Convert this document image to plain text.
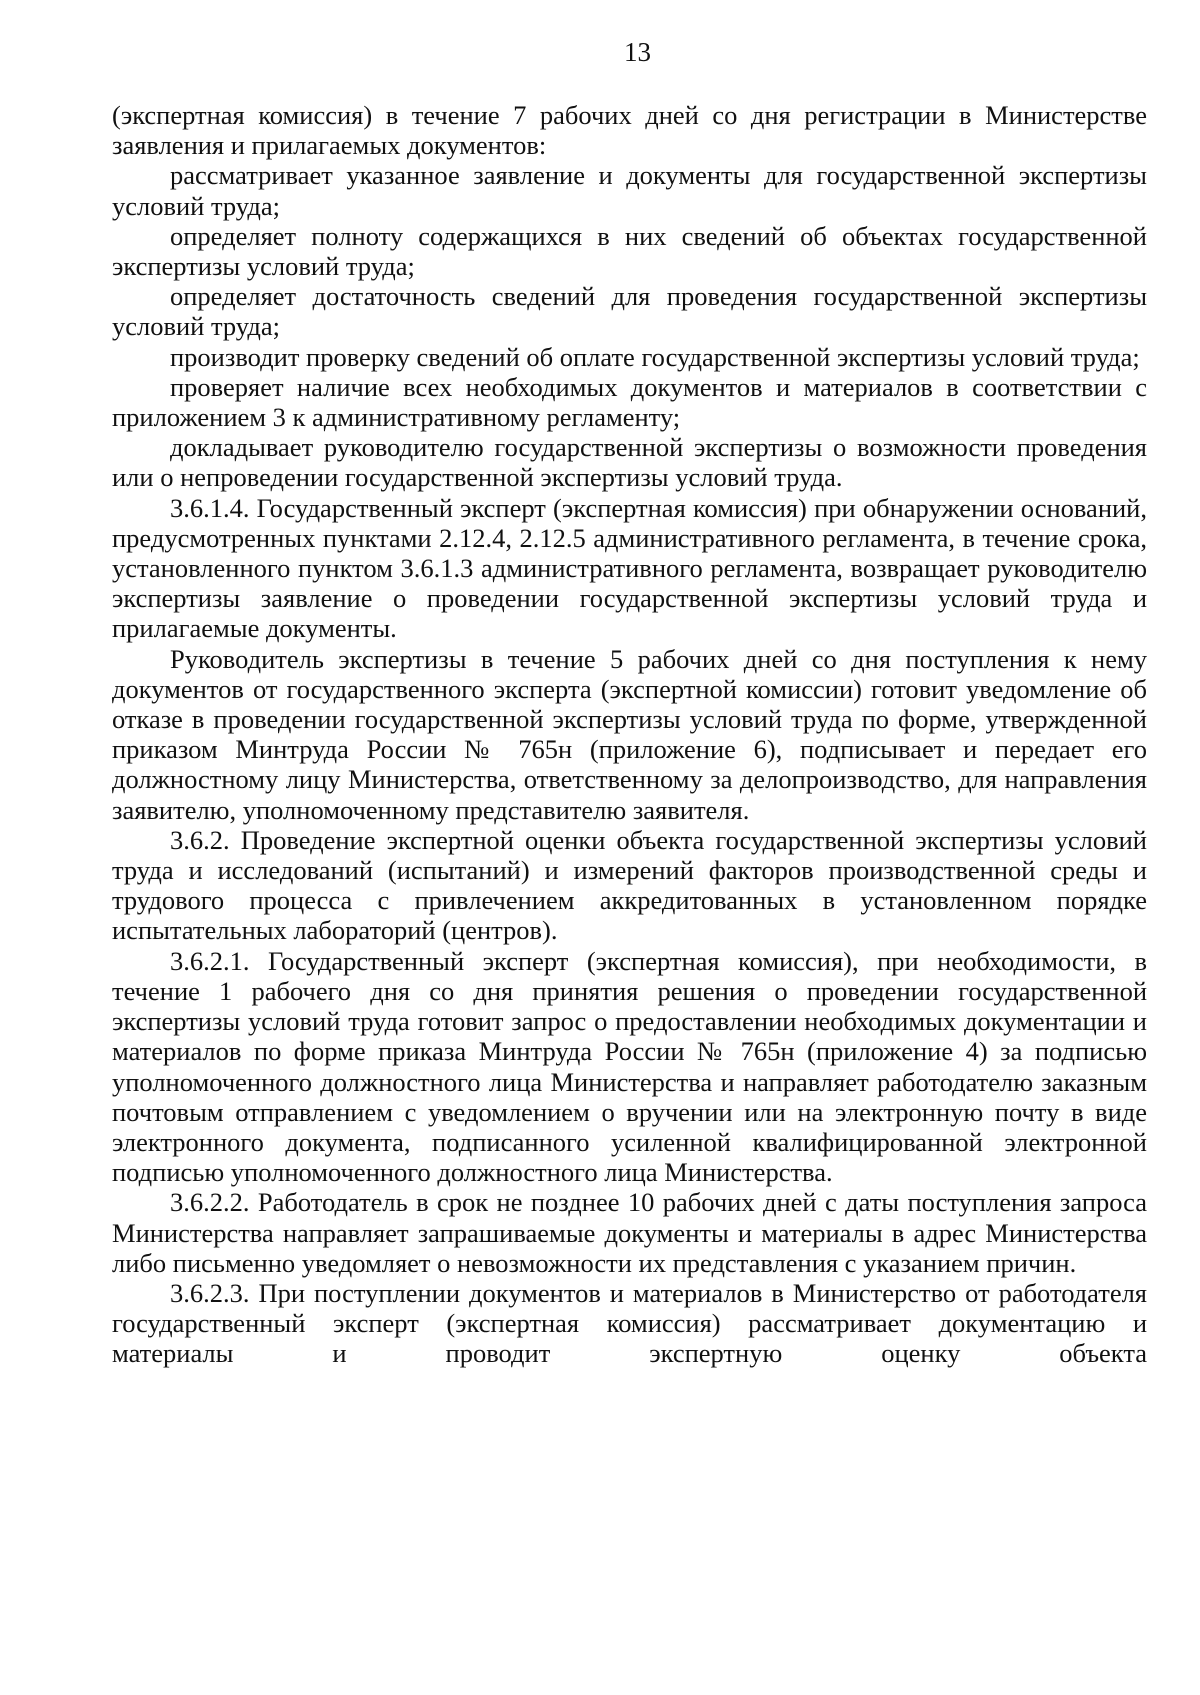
13

(экспертная комиссия) в течение 7 рабочих дней со дня регистрации в Министерстве заявления и прилагаемых документов:

рассматривает указанное заявление и документы для государственной экспертизы условий труда;

определяет полноту содержащихся в них сведений об объектах государственной экспертизы условий труда;

определяет достаточность сведений для проведения государственной экспертизы условий труда;

производит проверку сведений об оплате государственной экспертизы условий труда;

проверяет наличие всех необходимых документов и материалов в соответствии с приложением 3 к административному регламенту;

докладывает руководителю государственной экспертизы о возможности проведения или о непроведении государственной экспертизы условий труда.

3.6.1.4. Государственный эксперт (экспертная комиссия) при обнаружении оснований, предусмотренных пунктами 2.12.4, 2.12.5 административного регламента, в течение срока, установленного пунктом 3.6.1.3 административного регламента, возвращает руководителю экспертизы заявление о проведении государственной экспертизы условий труда и прилагаемые документы.

Руководитель экспертизы в течение 5 рабочих дней со дня поступления к нему документов от государственного эксперта (экспертной комиссии) готовит уведомление об отказе в проведении государственной экспертизы условий труда по форме, утвержденной приказом Минтруда России № 765н (приложение 6), подписывает и передает его должностному лицу Министерства, ответственному за делопроизводство, для направления заявителю, уполномоченному представителю заявителя.

3.6.2. Проведение экспертной оценки объекта государственной экспертизы условий труда и исследований (испытаний) и измерений факторов производственной среды и трудового процесса с привлечением аккредитованных в установленном порядке испытательных лабораторий (центров).

3.6.2.1. Государственный эксперт (экспертная комиссия), при необходимости, в течение 1 рабочего дня со дня принятия решения о проведении государственной экспертизы условий труда готовит запрос о предоставлении необходимых документации и материалов по форме приказа Минтруда России № 765н (приложение 4) за подписью уполномоченного должностного лица Министерства и направляет работодателю заказным почтовым отправлением с уведомлением о вручении или на электронную почту в виде электронного документа, подписанного усиленной квалифицированной электронной подписью уполномоченного должностного лица Министерства.

3.6.2.2. Работодатель в срок не позднее 10 рабочих дней с даты поступления запроса Министерства направляет запрашиваемые документы и материалы в адрес Министерства либо письменно уведомляет о невозможности их представления с указанием причин.

3.6.2.3. При поступлении документов и материалов в Министерство от работодателя государственный эксперт (экспертная комиссия) рассматривает документацию и материалы и проводит экспертную оценку объекта
